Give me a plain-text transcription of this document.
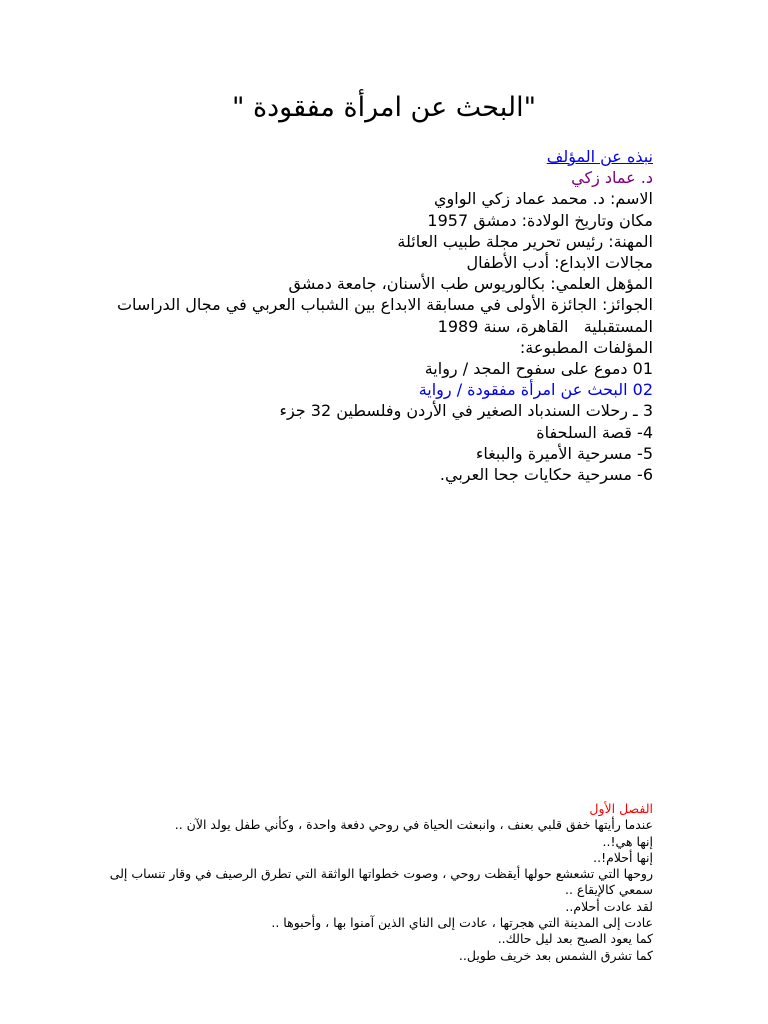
"البحث عن امرأة مفقودة "
نبذه عن المؤلف
د. عماد زكي
الاسم: د. محمد عماد زكي الواوي
مكان وتاريخ الولادة: دمشق 1957
المهنة: رئيس تحرير مجلة طبيب العائلة
مجالات الابداع: أدب الأطفال
المؤهل العلمي: بكالوريوس طب الأسنان، جامعة دمشق
الجوائز: الجائزة الأولى في مسابقة الابداع بين الشباب العربي في مجال الدراسات المستقبلية   القاهرة، سنة 1989
المؤلفات المطبوعة:
01 دموع على سفوح المجد / رواية
02 البحث عن امرأة مفقودة / رواية
3 ـ رحلات السندباد الصغير في الأردن وفلسطين 32 جزء
4- قصة السلحفاة
5- مسرحية الأميرة والببغاء
6- مسرحية حكايات جحا العربي.
الفصل الأول
عندما رأيتها خفق قلبي بعنف ، وانبعثت الحياة في روحي دفعة واحدة ، وكأني طفل يولد الآن ..
إنها هي!..
إنها أحلام!..
روحها التي تشعشع حولها أيقظت روحي ، وصوت خطواتها الواثقة التي تطرق الرصيف في وقار تنساب إلى سمعي كالإيقاع ..
لقد عادت أحلام..
عادت إلى المدينة التي هجرتها ، عادت إلى الناي الذين آمنوا بها ، وأحبوها ..
كما يعود الصبح بعد ليل حالك..
كما تشرق الشمس بعد خريف طويل..
